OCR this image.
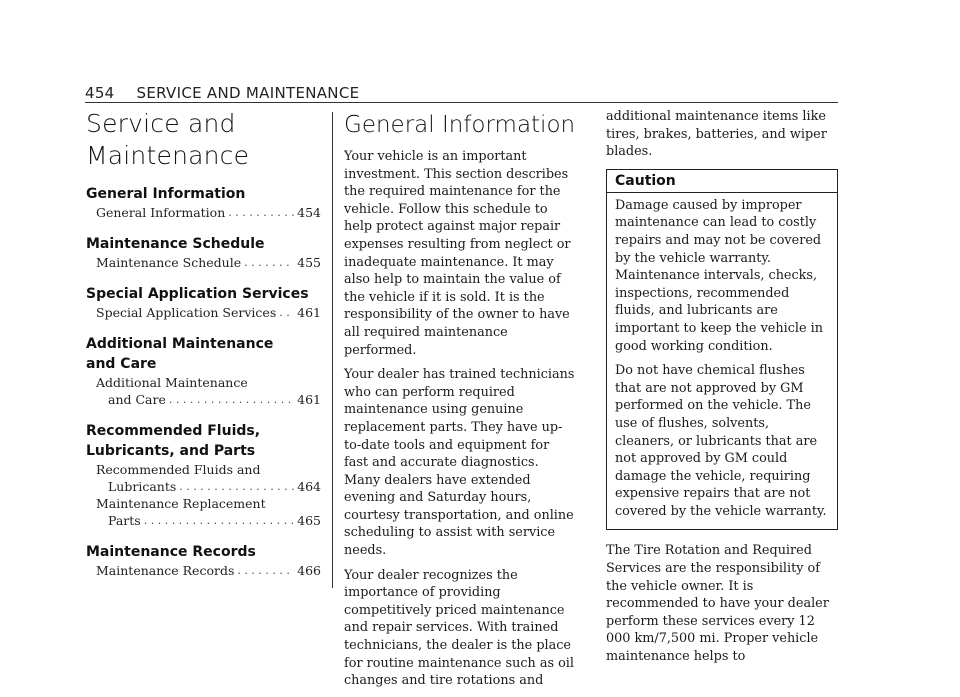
454 SERVICE AND MAINTENANCE
Service and
Maintenance
General Information
General Information . . .	454
Maintenance Schedule
Maintenance Schedule . . .	455
Special Application Services
Special Application Services . . . 461
Additional Maintenance
and Care
Additional Maintenance
and Care . . .	461
Recommended Fluids,
Lubricants, and Parts
Recommended Fluids and
Lubricants . . .	464
Maintenance Replacement
Parts . . .	465
Maintenance Records
Maintenance Records . . .	466
General Information

Your vehicle is an important investment. This section describes the required maintenance for the vehicle. Follow this schedule to help protect against major repair expenses resulting from neglect or inadequate maintenance. It may also help to maintain the value of the vehicle if it is sold. It is the responsibility of the owner to have all required maintenance performed.

Your dealer has trained technicians who can perform required maintenance using genuine replacement parts. They have up-to-date tools and equipment for fast and accurate diagnostics. Many dealers have extended evening and Saturday hours, courtesy transportation, and online scheduling to assist with service needs.

Your dealer recognizes the importance of providing competitively priced maintenance and repair services. With trained technicians, the dealer is the place for routine maintenance such as oil changes and tire rotations and

additional maintenance items like tires, brakes, batteries, and wiper blades.

Caution

Damage caused by improper maintenance can lead to costly repairs and may not be covered by the vehicle warranty. Maintenance intervals, checks, inspections, recommended fluids, and lubricants are important to keep the vehicle in good working condition.

Do not have chemical flushes that are not approved by GM performed on the vehicle. The use of flushes, solvents, cleaners, or lubricants that are not approved by GM could damage the vehicle, requiring expensive repairs that are not covered by the vehicle warranty.

The Tire Rotation and Required Services are the responsibility of the vehicle owner. It is recommended to have your dealer perform these services every 12 000 km/7,500 mi. Proper vehicle maintenance helps to
